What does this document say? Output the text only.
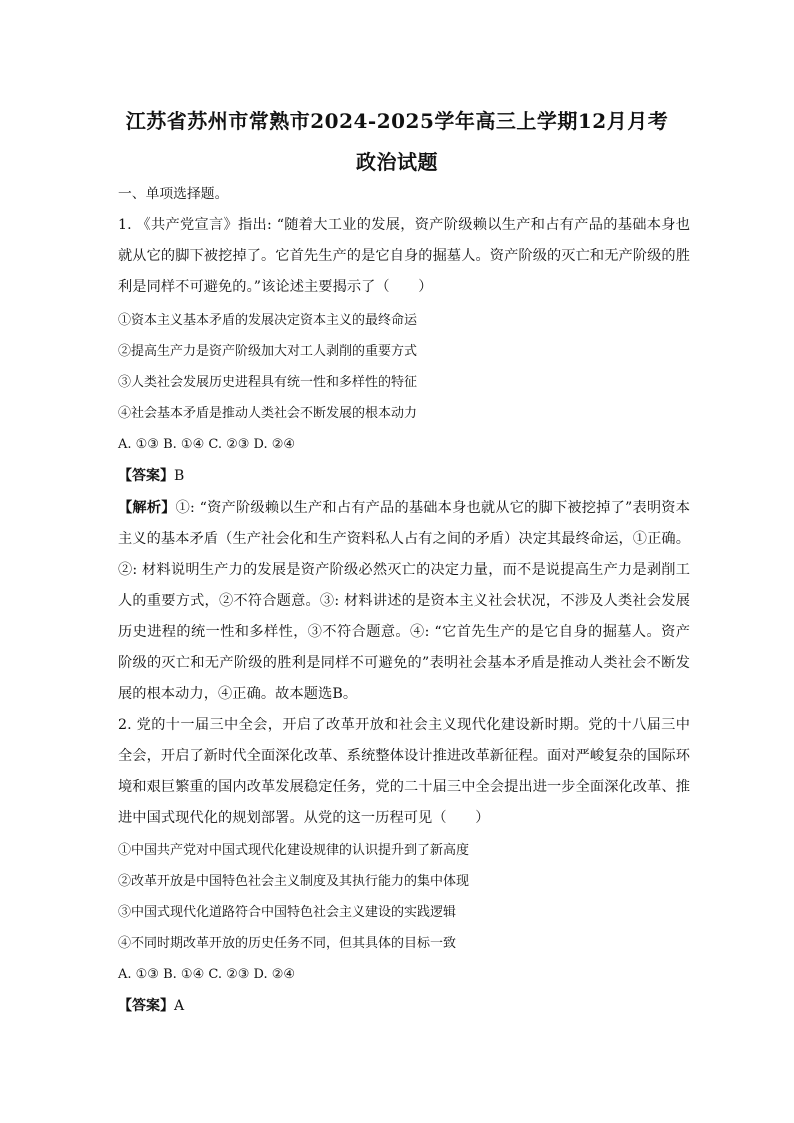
江苏省苏州市常熟市2024-2025学年高三上学期12月月考
政治试题
一、单项选择题。
1. 《共产党宣言》指出: “随着大工业的发展，资产阶级赖以生产和占有产品的基础本身也就从它的脚下被挖掉了。它首先生产的是它自身的掘墓人。资产阶级的灭亡和无产阶级的胜利是同样不可避免的。”该论述主要揭示了（　　）
①资本主义基本矛盾的发展决定资本主义的最终命运
②提高生产力是资产阶级加大对工人剥削的重要方式
③人类社会发展历史进程具有统一性和多样性的特征
④社会基本矛盾是推动人类社会不断发展的根本动力
A. ①③ B. ①④ C. ②③ D. ②④
【答案】B
【解析】①: “资产阶级赖以生产和占有产品的基础本身也就从它的脚下被挖掉了”表明资本主义的基本矛盾（生产社会化和生产资料私人占有之间的矛盾）决定其最终命运，①正确。②: 材料说明生产力的发展是资产阶级必然灭亡的决定力量，而不是说提高生产力是剥削工人的重要方式，②不符合题意。③: 材料讲述的是资本主义社会状况，不涉及人类社会发展历史进程的统一性和多样性，③不符合题意。④: “它首先生产的是它自身的掘墓人。资产阶级的灭亡和无产阶级的胜利是同样不可避免的”表明社会基本矛盾是推动人类社会不断发展的根本动力，④正确。故本题选B。
2. 党的十一届三中全会，开启了改革开放和社会主义现代化建设新时期。党的十八届三中全会，开启了新时代全面深化改革、系统整体设计推进改革新征程。面对严峻复杂的国际环境和艰巨繁重的国内改革发展稳定任务，党的二十届三中全会提出进一步全面深化改革、推进中国式现代化的规划部署。从党的这一历程可见（　　）
①中国共产党对中国式现代化建设规律的认识提升到了新高度
②改革开放是中国特色社会主义制度及其执行能力的集中体现
③中国式现代化道路符合中国特色社会主义建设的实践逻辑
④不同时期改革开放的历史任务不同，但其具体的目标一致
A. ①③ B. ①④ C. ②③ D. ②④
【答案】A
